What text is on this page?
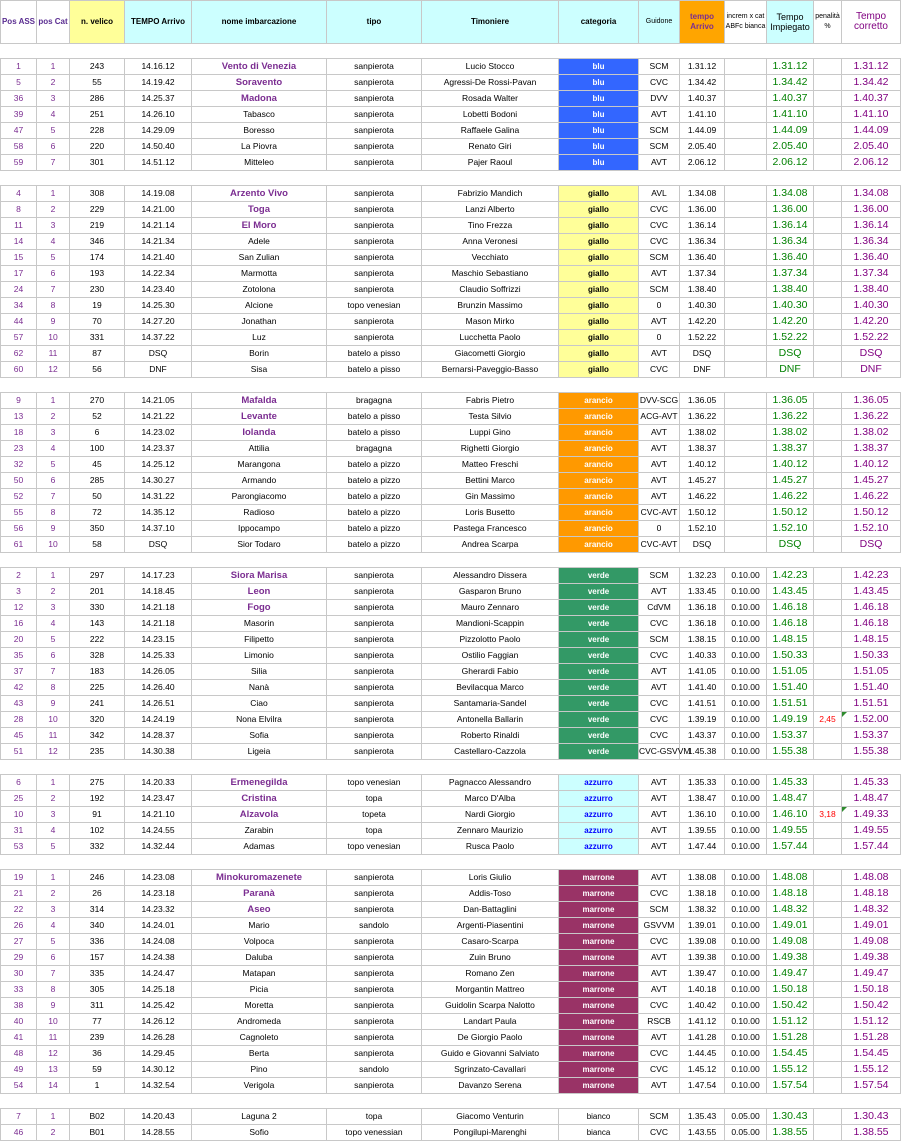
Pos ASS	pos Cat	n. velico	TEMPO Arrivo	nome imbarcazione	tipo	Timoniere	categoria	Guidone	tempo Arrivo	increm x cat ABFc bianca	Tempo Impiegato	penalità %	Tempo corretto

1	1	243	14.16.12	Vento di Venezia	sanpierota	Lucio Stocco	blu	SCM	1.31.12		1.31.12		1.31.12
5	2	55	14.19.42	Soravento	sanpierota	Agressi-De Rossi-Pavan	blu	CVC	1.34.42		1.34.42		1.34.42
36	3	286	14.25.37	Madona	sanpierota	Rosada Walter	blu	DVV	1.40.37		1.40.37		1.40.37
39	4	251	14.26.10	Tabasco	sanpierota	Lobetti Bodoni	blu	AVT	1.41.10		1.41.10		1.41.10
47	5	228	14.29.09	Boresso	sanpierota	Raffaele Galina	blu	SCM	1.44.09		1.44.09		1.44.09
58	6	220	14.50.40	La Piovra	sanpierota	Renato Giri	blu	SCM	2.05.40		2.05.40		2.05.40
59	7	301	14.51.12	Mitteleo	sanpierota	Pajer Raoul	blu	AVT	2.06.12		2.06.12		2.06.12

4	1	308	14.19.08	Arzento Vivo	sanpierota	Fabrizio Mandich	giallo	AVL	1.34.08		1.34.08		1.34.08
8	2	229	14.21.00	Toga	sanpierota	Lanzi Alberto	giallo	CVC	1.36.00		1.36.00		1.36.00
11	3	219	14.21.14	El Moro	sanpierota	Tino Frezza	giallo	CVC	1.36.14		1.36.14		1.36.14
14	4	346	14.21.34	Adele	sanpierota	Anna Veronesi	giallo	CVC	1.36.34		1.36.34		1.36.34
15	5	174	14.21.40	San Zulian	sanpierota	Vecchiato	giallo	SCM	1.36.40		1.36.40		1.36.40
17	6	193	14.22.34	Marmotta	sanpierota	Maschio Sebastiano	giallo	AVT	1.37.34		1.37.34		1.37.34
24	7	230	14.23.40	Zotolona	sanpierota	Claudio Soffrizzi	giallo	SCM	1.38.40		1.38.40		1.38.40
34	8	19	14.25.30	Alcione	topo venesian	Brunzin Massimo	giallo	0	1.40.30		1.40.30		1.40.30
44	9	70	14.27.20	Jonathan	sanpierota	Mason Mirko	giallo	AVT	1.42.20		1.42.20		1.42.20
57	10	331	14.37.22	Luz	sanpierota	Lucchetta Paolo	giallo	0	1.52.22		1.52.22		1.52.22
62	11	87	DSQ	Borin	batelo a pisso	Giacometti Giorgio	giallo	AVT	DSQ		DSQ		DSQ
60	12	56	DNF	Sisa	batelo a pisso	Bernarsi-Paveggio-Basso	giallo	CVC	DNF		DNF		DNF

9	1	270	14.21.05	Mafalda	bragagna	Fabris Pietro	arancio	DVV-SCG	1.36.05		1.36.05		1.36.05
13	2	52	14.21.22	Levante	batelo a pisso	Testa Silvio	arancio	ACG-AVT	1.36.22		1.36.22		1.36.22
18	3	6	14.23.02	Iolanda	batelo a pisso	Luppi Gino	arancio	AVT	1.38.02		1.38.02		1.38.02
23	4	100	14.23.37	Attilia	bragagna	Righetti Giorgio	arancio	AVT	1.38.37		1.38.37		1.38.37
32	5	45	14.25.12	Marangona	batelo a pizzo	Matteo Freschi	arancio	AVT	1.40.12		1.40.12		1.40.12
50	6	285	14.30.27	Armando	batelo a pizzo	Bettini Marco	arancio	AVT	1.45.27		1.45.27		1.45.27
52	7	50	14.31.22	Parongiacomo	batelo a pizzo	Gin Massimo	arancio	AVT	1.46.22		1.46.22		1.46.22
55	8	72	14.35.12	Radioso	batelo a pizzo	Loris Busetto	arancio	CVC-AVT	1.50.12		1.50.12		1.50.12
56	9	350	14.37.10	Ippocampo	batelo a pizzo	Pastega Francesco	arancio	0	1.52.10		1.52.10		1.52.10
61	10	58	DSQ	Sior Todaro	batelo a pizzo	Andrea Scarpa	arancio	CVC-AVT	DSQ		DSQ		DSQ

2	1	297	14.17.23	Siora Marisa	sanpierota	Alessandro Dissera	verde	SCM	1.32.23	0.10.00	1.42.23		1.42.23
3	2	201	14.18.45	Leon	sanpierota	Gasparon Bruno	verde	AVT	1.33.45	0.10.00	1.43.45		1.43.45
12	3	330	14.21.18	Fogo	sanpierota	Mauro Zennaro	verde	CdVM	1.36.18	0.10.00	1.46.18		1.46.18
16	4	143	14.21.18	Masorin	sanpierota	Mandioni-Scappin	verde	CVC	1.36.18	0.10.00	1.46.18		1.46.18
20	5	222	14.23.15	Filipetto	sanpierota	Pizzolotto Paolo	verde	SCM	1.38.15	0.10.00	1.48.15		1.48.15
35	6	328	14.25.33	Limonio	sanpierota	Ostilio Faggian	verde	CVC	1.40.33	0.10.00	1.50.33		1.50.33
37	7	183	14.26.05	Silia	sanpierota	Gherardi Fabio	verde	AVT	1.41.05	0.10.00	1.51.05		1.51.05
42	8	225	14.26.40	Nanà	sanpierota	Bevilacqua Marco	verde	AVT	1.41.40	0.10.00	1.51.40		1.51.40
43	9	241	14.26.51	Ciao	sanpierota	Santamaria-Sandel	verde	CVC	1.41.51	0.10.00	1.51.51		1.51.51
28	10	320	14.24.19	Nona Elvilra	sanpierota	Antonella Ballarin	verde	CVC	1.39.19	0.10.00	1.49.19	2,45	1.52.00
45	11	342	14.28.37	Sofia	sanpierota	Roberto Rinaldi	verde	CVC	1.43.37	0.10.00	1.53.37		1.53.37
51	12	235	14.30.38	Ligeia	sanpierota	Castellaro-Cazzola	verde	CVC-GSVVM	1.45.38	0.10.00	1.55.38		1.55.38

6	1	275	14.20.33	Ermenegilda	topo venesian	Pagnacco Alessandro	azzurro	AVT	1.35.33	0.10.00	1.45.33		1.45.33
25	2	192	14.23.47	Cristina	topa	Marco D'Alba	azzurro	AVT	1.38.47	0.10.00	1.48.47		1.48.47
10	3	91	14.21.10	Alzavola	topeta	Nardi Giorgio	azzurro	AVT	1.36.10	0.10.00	1.46.10	3,18	1.49.33
31	4	102	14.24.55	Zarabin	topa	Zennaro Maurizio	azzurro	AVT	1.39.55	0.10.00	1.49.55		1.49.55
53	5	332	14.32.44	Adamas	topo venesian	Rusca Paolo	azzurro	AVT	1.47.44	0.10.00	1.57.44		1.57.44

19	1	246	14.23.08	Minokuromazenete	sanpierota	Loris Giulio	marrone	AVT	1.38.08	0.10.00	1.48.08		1.48.08
21	2	26	14.23.18	Paranà	sanpierota	Addis-Toso	marrone	CVC	1.38.18	0.10.00	1.48.18		1.48.18
22	3	314	14.23.32	Aseo	sanpierota	Dan-Battaglini	marrone	SCM	1.38.32	0.10.00	1.48.32		1.48.32
26	4	340	14.24.01	Mario	sandolo	Argenti-Piasentini	marrone	GSVVM	1.39.01	0.10.00	1.49.01		1.49.01
27	5	336	14.24.08	Volpoca	sanpierota	Casaro-Scarpa	marrone	CVC	1.39.08	0.10.00	1.49.08		1.49.08
29	6	157	14.24.38	Daluba	sanpierota	Zuin Bruno	marrone	AVT	1.39.38	0.10.00	1.49.38		1.49.38
30	7	335	14.24.47	Matapan	sanpierota	Romano Zen	marrone	AVT	1.39.47	0.10.00	1.49.47		1.49.47
33	8	305	14.25.18	Picia	sanpierota	Morgantin Mattreo	marrone	AVT	1.40.18	0.10.00	1.50.18		1.50.18
38	9	311	14.25.42	Moretta	sanpierota	Guidolin Scarpa Nalotto	marrone	CVC	1.40.42	0.10.00	1.50.42		1.50.42
40	10	77	14.26.12	Andromeda	sanpierota	Landart Paula	marrone	RSCB	1.41.12	0.10.00	1.51.12		1.51.12
41	11	239	14.26.28	Cagnoleto	sanpierota	De Giorgio Paolo	marrone	AVT	1.41.28	0.10.00	1.51.28		1.51.28
48	12	36	14.29.45	Berta	sanpierota	Guido e Giovanni Salviato	marrone	CVC	1.44.45	0.10.00	1.54.45		1.54.45
49	13	59	14.30.12	Pino	sandolo	Sgrinzato-Cavallari	marrone	CVC	1.45.12	0.10.00	1.55.12		1.55.12
54	14	1	14.32.54	Verigola	sanpierota	Davanzo Serena	marrone	AVT	1.47.54	0.10.00	1.57.54		1.57.54

7	1	B02	14.20.43	Laguna 2	topa	Giacomo Venturin	bianco	SCM	1.35.43	0.05.00	1.30.43		1.30.43
46	2	B01	14.28.55	Sofio	topo venessian	Pongilupi-Marenghi	bianca	CVC	1.43.55	0.05.00	1.38.55		1.38.55
